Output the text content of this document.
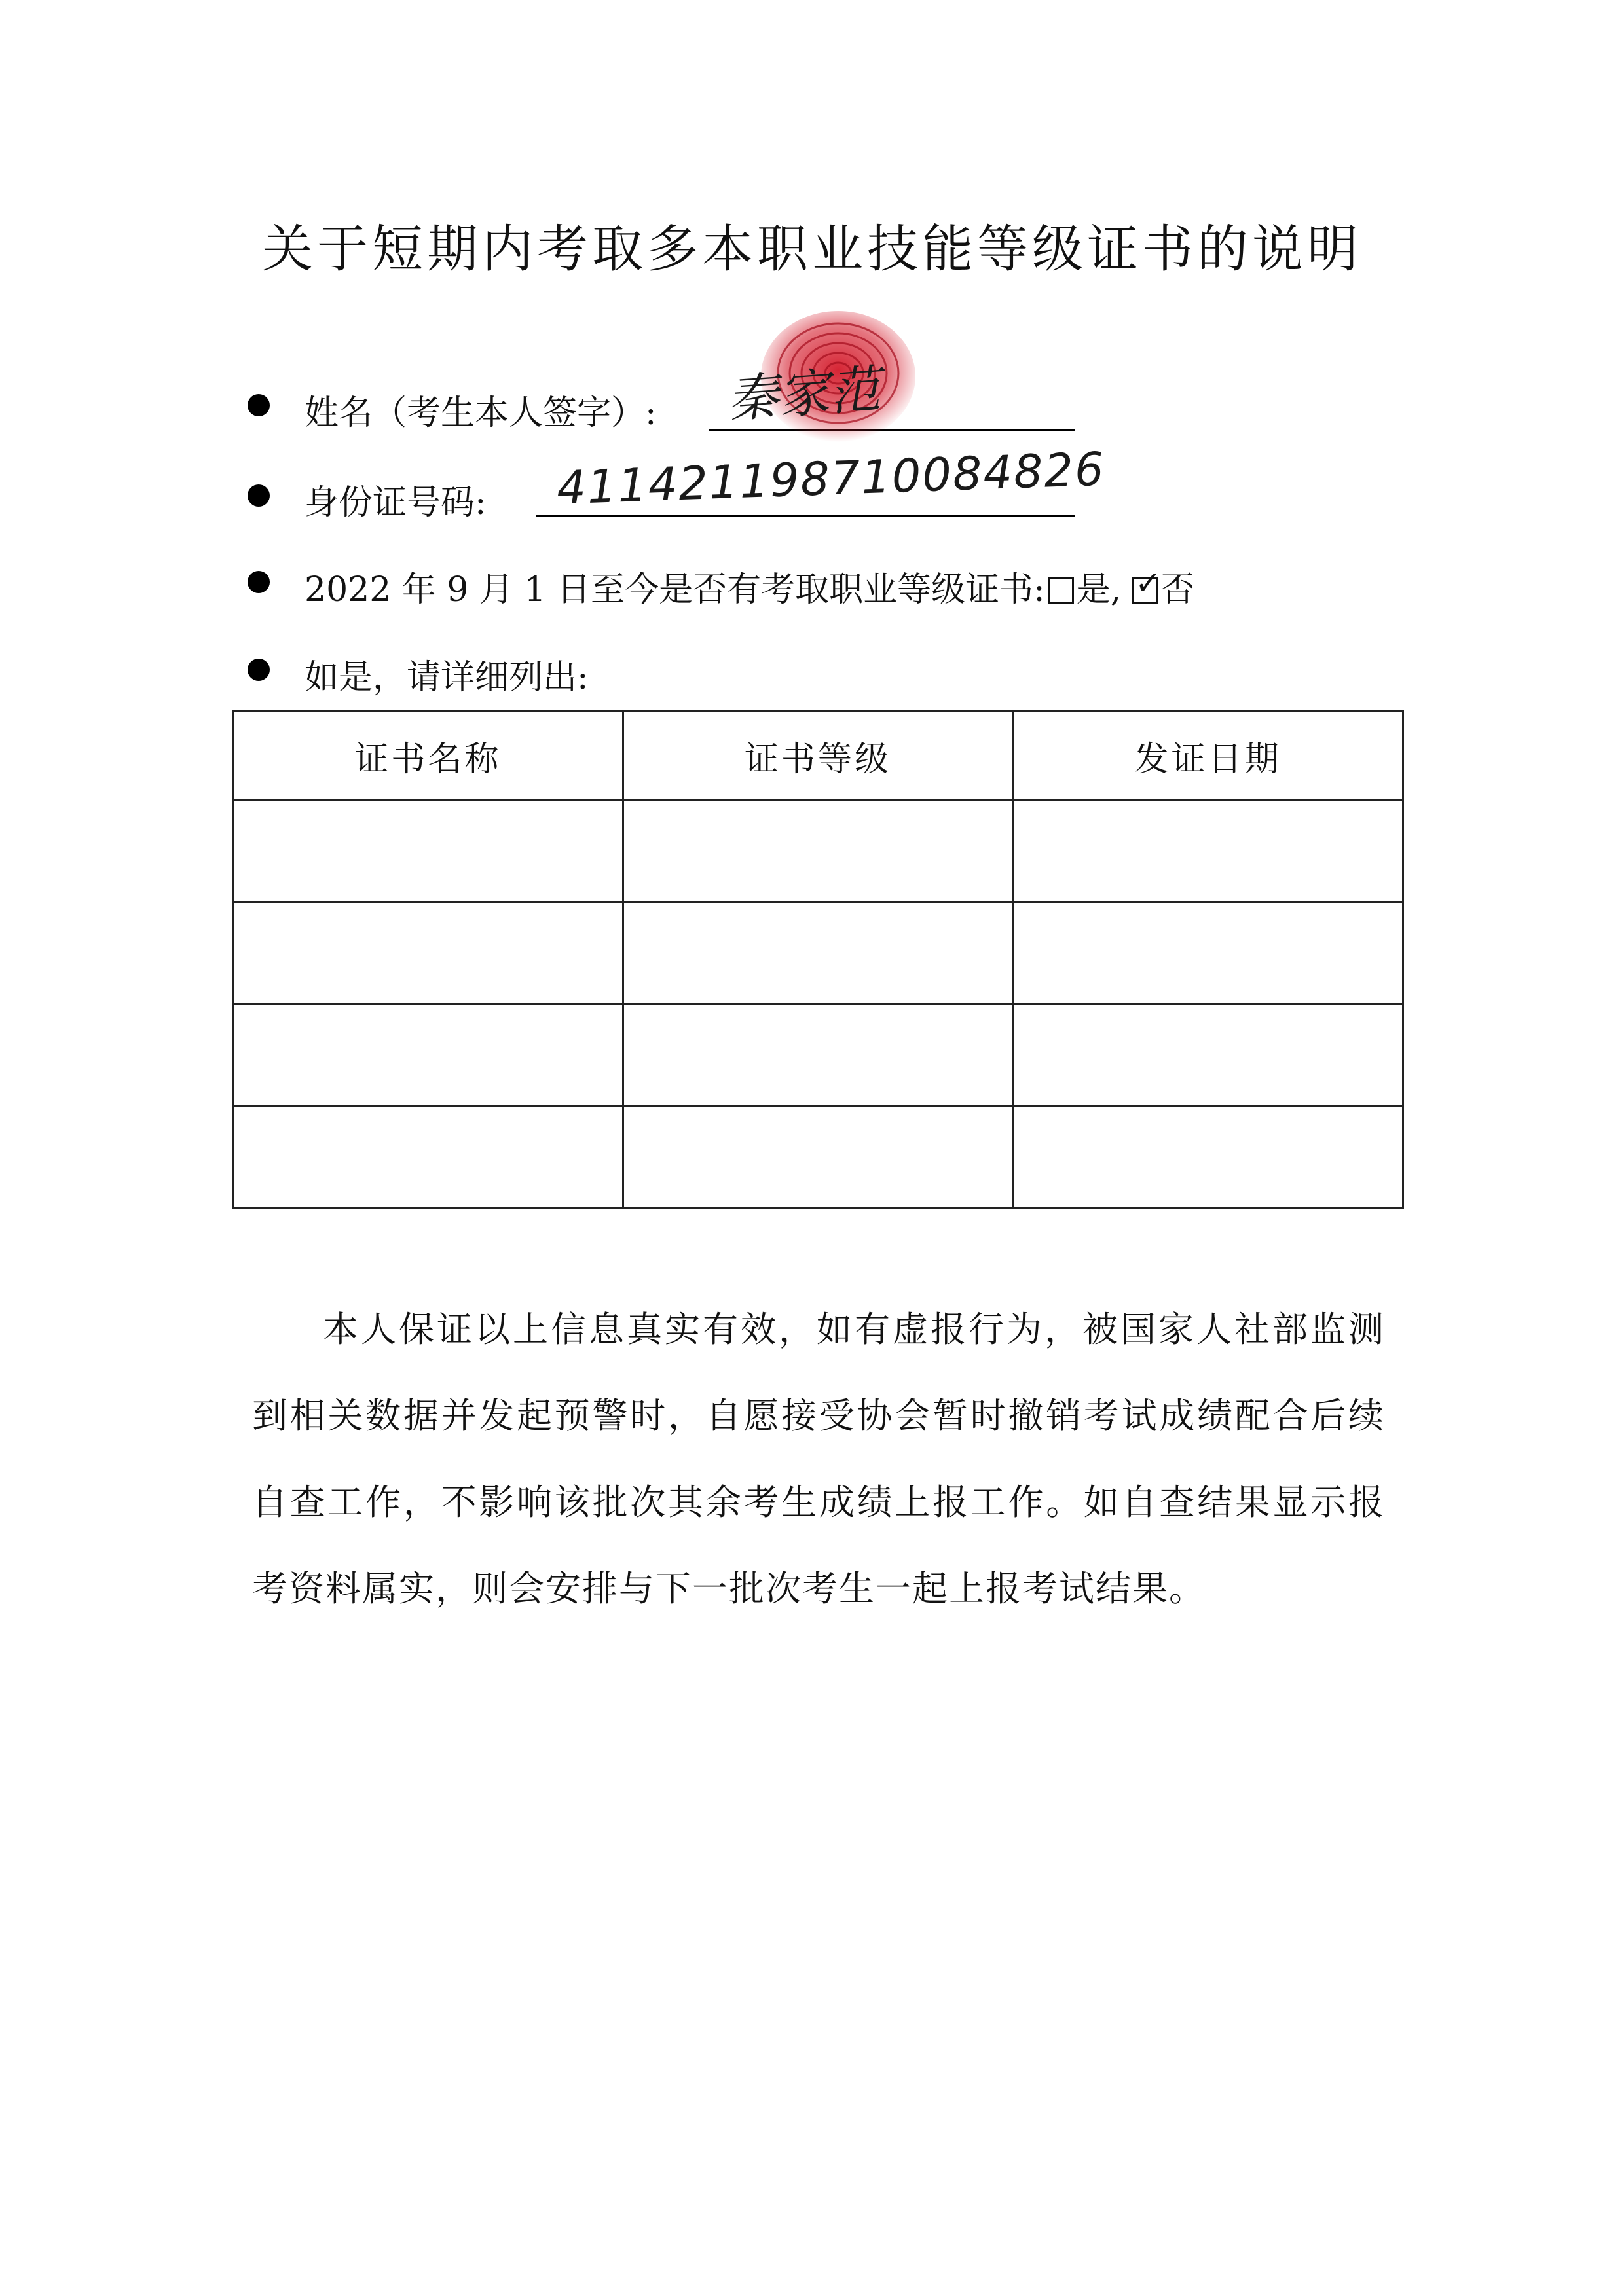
关于短期内考取多本职业技能等级证书的说明
姓名（考生本人签字）: 秦家范
身份证号码: 411421198710084826
2022 年 9 月 1 日至今是否有考取职业等级证书: 是, ✓
否
如是，请详细列出:
证书名称	证书等级	发证日期

本人保证以上信息真实有效，如有虚报行为，被国家人社部监测到相关数据并发起预警时，自愿接受协会暂时撤销考试成绩配合后续自查工作，不影响该批次其余考生成绩上报工作。如自查结果显示报考资料属实，则会安排与下一批次考生一起上报考试结果。
